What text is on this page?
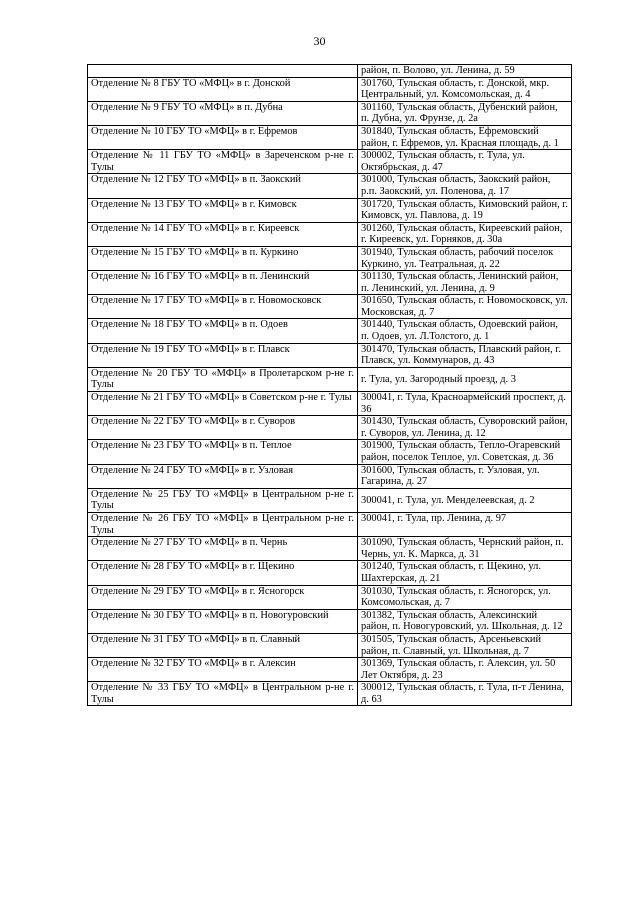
30
	район, п. Волово, ул. Ленина, д. 59
Отделение № 8 ГБУ ТО «МФЦ» в г. Донской	301760, Тульская область, г. Донской, мкр. Центральный, ул. Комсомольская, д. 4
Отделение № 9 ГБУ ТО «МФЦ» в п. Дубна	301160, Тульская область, Дубенский район, п. Дубна, ул. Фрунзе, д. 2а
Отделение № 10 ГБУ ТО «МФЦ» в г. Ефремов	301840, Тульская область, Ефремовский район, г. Ефремов, ул. Красная площадь, д. 1
Отделение № 11 ГБУ ТО «МФЦ» в Зареченском р-не г. Тулы	300002, Тульская область, г. Тула, ул. Октябрьская, д. 47
Отделение № 12 ГБУ ТО «МФЦ» в п. Заокский	301000, Тульская область, Заокский район, р.п. Заокский, ул. Поленова, д. 17
Отделение № 13 ГБУ ТО «МФЦ» в г. Кимовск	301720, Тульская область, Кимовский район, г. Кимовск, ул. Павлова, д. 19
Отделение № 14 ГБУ ТО «МФЦ» в г. Киреевск	301260, Тульская область, Киреевский район, г. Киреевск, ул. Горняков, д. 30а
Отделение № 15 ГБУ ТО «МФЦ» в п. Куркино	301940, Тульская область, рабочий поселок Куркино, ул. Театральная, д. 22
Отделение № 16 ГБУ ТО «МФЦ» в п. Ленинский	301130, Тульская область, Ленинский район, п. Ленинский, ул. Ленина, д. 9
Отделение № 17 ГБУ ТО «МФЦ» в г. Новомосковск	301650, Тульская область, г. Новомосковск, ул. Московская, д. 7
Отделение № 18 ГБУ ТО «МФЦ» в п. Одоев	301440, Тульская область, Одоевский район, п. Одоев, ул. Л.Толстого, д. 1
Отделение № 19 ГБУ ТО «МФЦ» в г. Плавск	301470, Тульская область, Плавский район, г. Плавск, ул. Коммунаров, д. 43
Отделение № 20 ГБУ ТО «МФЦ» в Пролетарском р-не г. Тулы	г. Тула, ул. Загородный проезд, д. 3
Отделение № 21 ГБУ ТО «МФЦ» в Советском р-не г. Тулы	300041, г. Тула, Красноармейский проспект, д. 36
Отделение № 22 ГБУ ТО «МФЦ» в г. Суворов	301430, Тульская область, Суворовский район, г. Суворов, ул. Ленина, д. 12
Отделение № 23 ГБУ ТО «МФЦ» в п. Теплое	301900, Тульская область, Тепло-Огаревский район, поселок Теплое, ул. Советская, д. 36
Отделение № 24 ГБУ ТО «МФЦ» в г. Узловая	301600, Тульская область, г. Узловая, ул. Гагарина, д. 27
Отделение № 25 ГБУ ТО «МФЦ» в Центральном р-не г. Тулы	300041, г. Тула, ул. Менделеевская, д. 2
Отделение № 26 ГБУ ТО «МФЦ» в Центральном р-не г. Тулы	300041, г. Тула, пр. Ленина, д. 97
Отделение № 27 ГБУ ТО «МФЦ» в п. Чернь	301090, Тульская область, Чернский район, п. Чернь, ул. К. Маркса, д. 31
Отделение № 28 ГБУ ТО «МФЦ» в г. Щекино	301240, Тульская область, г. Щекино, ул. Шахтерская, д. 21
Отделение № 29 ГБУ ТО «МФЦ» в г. Ясногорск	301030, Тульская область, г. Ясногорск, ул. Комсомольская, д. 7
Отделение № 30 ГБУ ТО «МФЦ» в п. Новогуровский	301382, Тульская область, Алексинский район, п. Новогуровский, ул. Школьная, д. 12
Отделение № 31 ГБУ ТО «МФЦ» в п. Славный	301505, Тульская область, Арсеньевский район, п. Славный, ул. Школьная, д. 7
Отделение № 32 ГБУ ТО «МФЦ» в г. Алексин	301369, Тульская область, г. Алексин, ул. 50 Лет Октября, д. 23
Отделение № 33 ГБУ ТО «МФЦ» в Центральном р-не г. Тулы	300012, Тульская область, г. Тула, п-т Ленина, д. 63
